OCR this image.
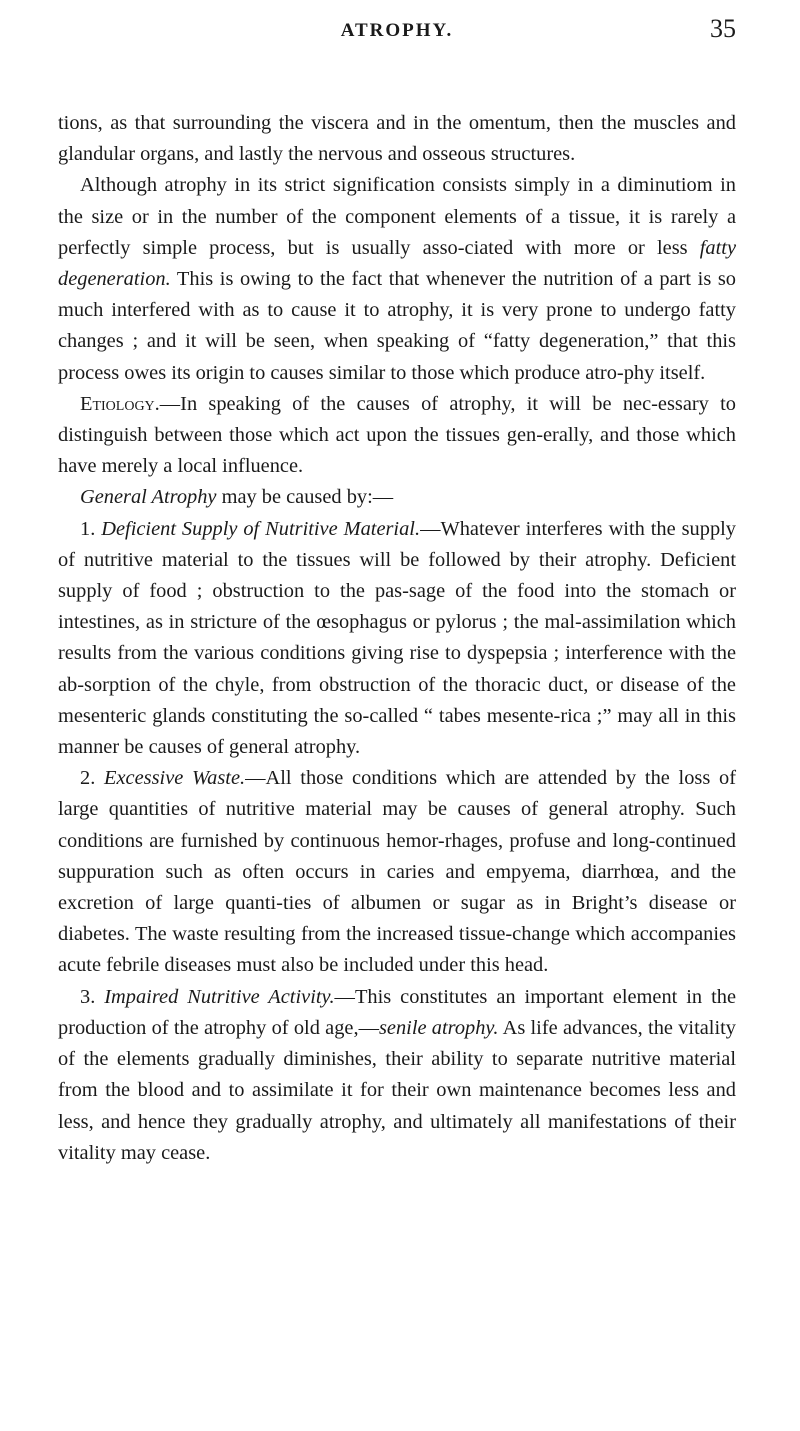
ATROPHY.	35

tions, as that surrounding the viscera and in the omentum, then the muscles and glandular organs, and lastly the nervous and osseous structures.

Although atrophy in its strict signification consists simply in a diminutiom in the size or in the number of the component elements of a tissue, it is rarely a perfectly simple process, but is usually asso-ciated with more or less fatty degeneration. This is owing to the fact that whenever the nutrition of a part is so much interfered with as to cause it to atrophy, it is very prone to undergo fatty changes ; and it will be seen, when speaking of “fatty degeneration,” that this process owes its origin to causes similar to those which produce atro-phy itself.

Etiology.—In speaking of the causes of atrophy, it will be nec-essary to distinguish between those which act upon the tissues gen-erally, and those which have merely a local influence.

General Atrophy may be caused by:—

1. Deficient Supply of Nutritive Material.—Whatever interferes with the supply of nutritive material to the tissues will be followed by their atrophy. Deficient supply of food ; obstruction to the pas-sage of the food into the stomach or intestines, as in stricture of the œsophagus or pylorus ; the mal-assimilation which results from the various conditions giving rise to dyspepsia ; interference with the ab-sorption of the chyle, from obstruction of the thoracic duct, or disease of the mesenteric glands constituting the so-called “ tabes mesente-rica ;” may all in this manner be causes of general atrophy.

2. Excessive Waste.—All those conditions which are attended by the loss of large quantities of nutritive material may be causes of general atrophy. Such conditions are furnished by continuous hemor-rhages, profuse and long-continued suppuration such as often occurs in caries and empyema, diarrhœa, and the excretion of large quanti-ties of albumen or sugar as in Bright’s disease or diabetes. The waste resulting from the increased tissue-change which accompanies acute febrile diseases must also be included under this head.

3. Impaired Nutritive Activity.—This constitutes an important element in the production of the atrophy of old age,—senile atrophy. As life advances, the vitality of the elements gradually diminishes, their ability to separate nutritive material from the blood and to assimilate it for their own maintenance becomes less and less, and hence they gradually atrophy, and ultimately all manifestations of their vitality may cease.
